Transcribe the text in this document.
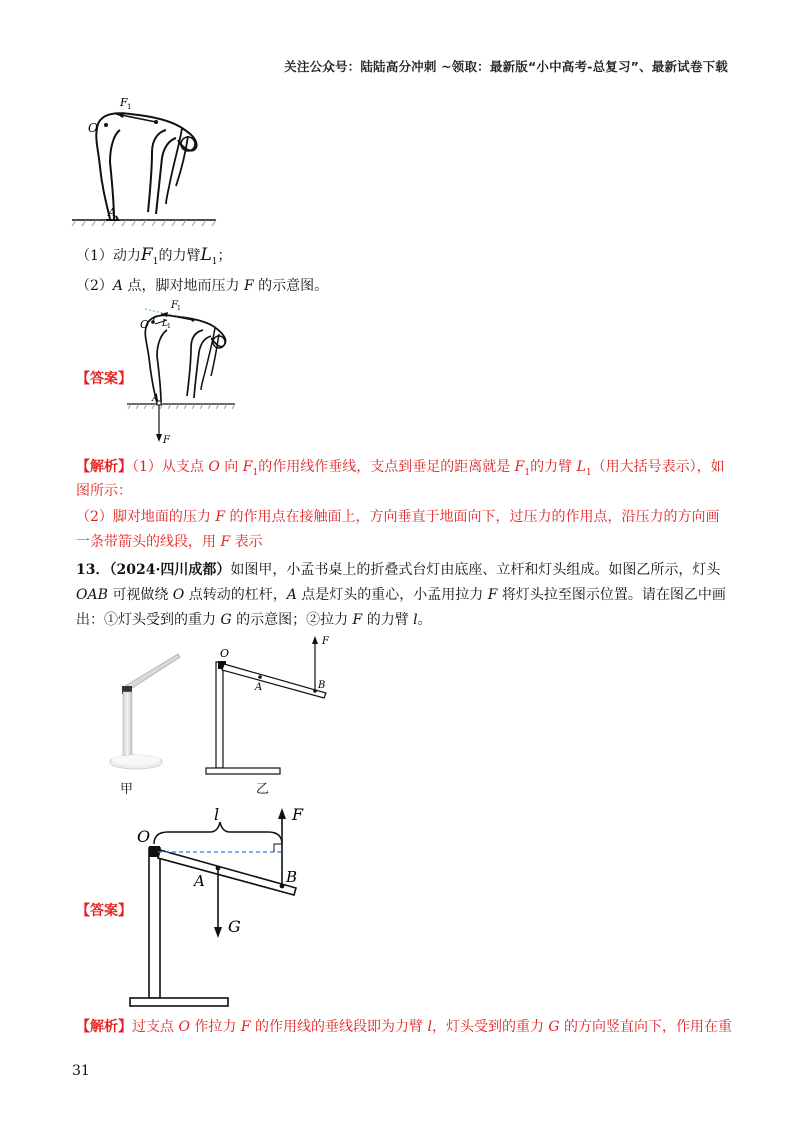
关注公众号：陆陆高分冲刺 ~领取：最新版“小中高考-总复习”、最新试卷下载
F 1
O
A
（1）动力$F_1$的力臂$L_1$；
（2）A 点，脚对地而压力 F 的示意图。
【答案】
F 1
O L 1
A
F
【解析】（1）从支点 O 向 $F_1$的作用线作垂线，支点到垂足的距离就是 $F_1$的力臂 $L_1$（用大括号表示），如
图所示：
（2）脚对地面的压力 F 的作用点在接触面上，方向垂直于地面向下，过压力的作用点，沿压力的方向画
一条带箭头的线段，用 F 表示
13．（2024·四川成都）如图甲，小孟书桌上的折叠式台灯由底座、立杆和灯头组成。如图乙所示，灯头
OAB 可视做绕 O 点转动的杠杆，A 点是灯头的重心，小孟用拉力 F 将灯头拉至图示位置。请在图乙中画
出：①灯头受到的重力 G 的示意图；②拉力 F 的力臂 l。
甲
O
A	B
F
乙
【答案】
O
l	F
A	B
G
【解析】过支点 O 作拉力 F 的作用线的垂线段即为力臂 l，灯头受到的重力 G 的方向竖直向下，作用在重
31
